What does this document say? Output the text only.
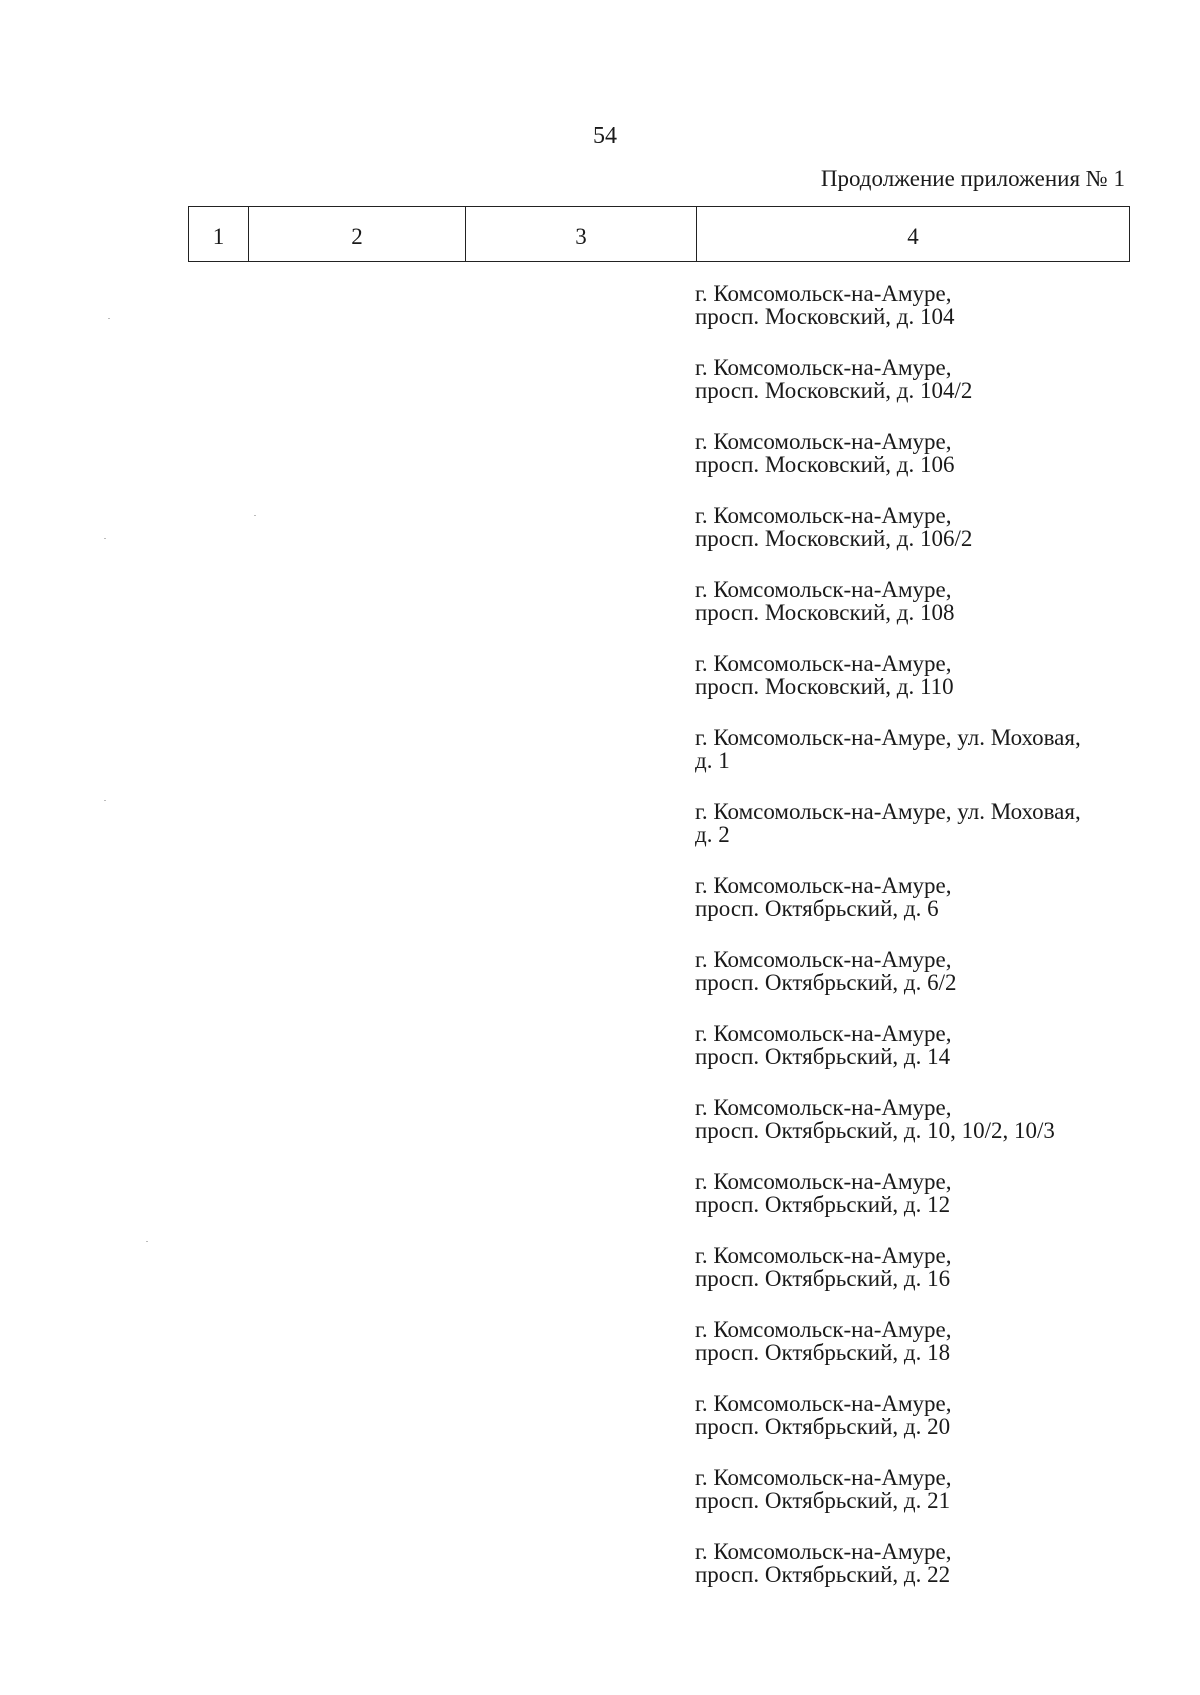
54
Продолжение приложения № 1
1	2	3	4
г. Комсомольск-на-Амуре,
просп. Московский, д. 104
г. Комсомольск-на-Амуре,
просп. Московский, д. 104/2
г. Комсомольск-на-Амуре,
просп. Московский, д. 106
г. Комсомольск-на-Амуре,
просп. Московский, д. 106/2
г. Комсомольск-на-Амуре,
просп. Московский, д. 108
г. Комсомольск-на-Амуре,
просп. Московский, д. 110
г. Комсомольск-на-Амуре, ул. Моховая,
д. 1
г. Комсомольск-на-Амуре, ул. Моховая,
д. 2
г. Комсомольск-на-Амуре,
просп. Октябрьский, д. 6
г. Комсомольск-на-Амуре,
просп. Октябрьский, д. 6/2
г. Комсомольск-на-Амуре,
просп. Октябрьский, д. 14
г. Комсомольск-на-Амуре,
просп. Октябрьский, д. 10, 10/2, 10/3
г. Комсомольск-на-Амуре,
просп. Октябрьский, д. 12
г. Комсомольск-на-Амуре,
просп. Октябрьский, д. 16
г. Комсомольск-на-Амуре,
просп. Октябрьский, д. 18
г. Комсомольск-на-Амуре,
просп. Октябрьский, д. 20
г. Комсомольск-на-Амуре,
просп. Октябрьский, д. 21
г. Комсомольск-на-Амуре,
просп. Октябрьский, д. 22
